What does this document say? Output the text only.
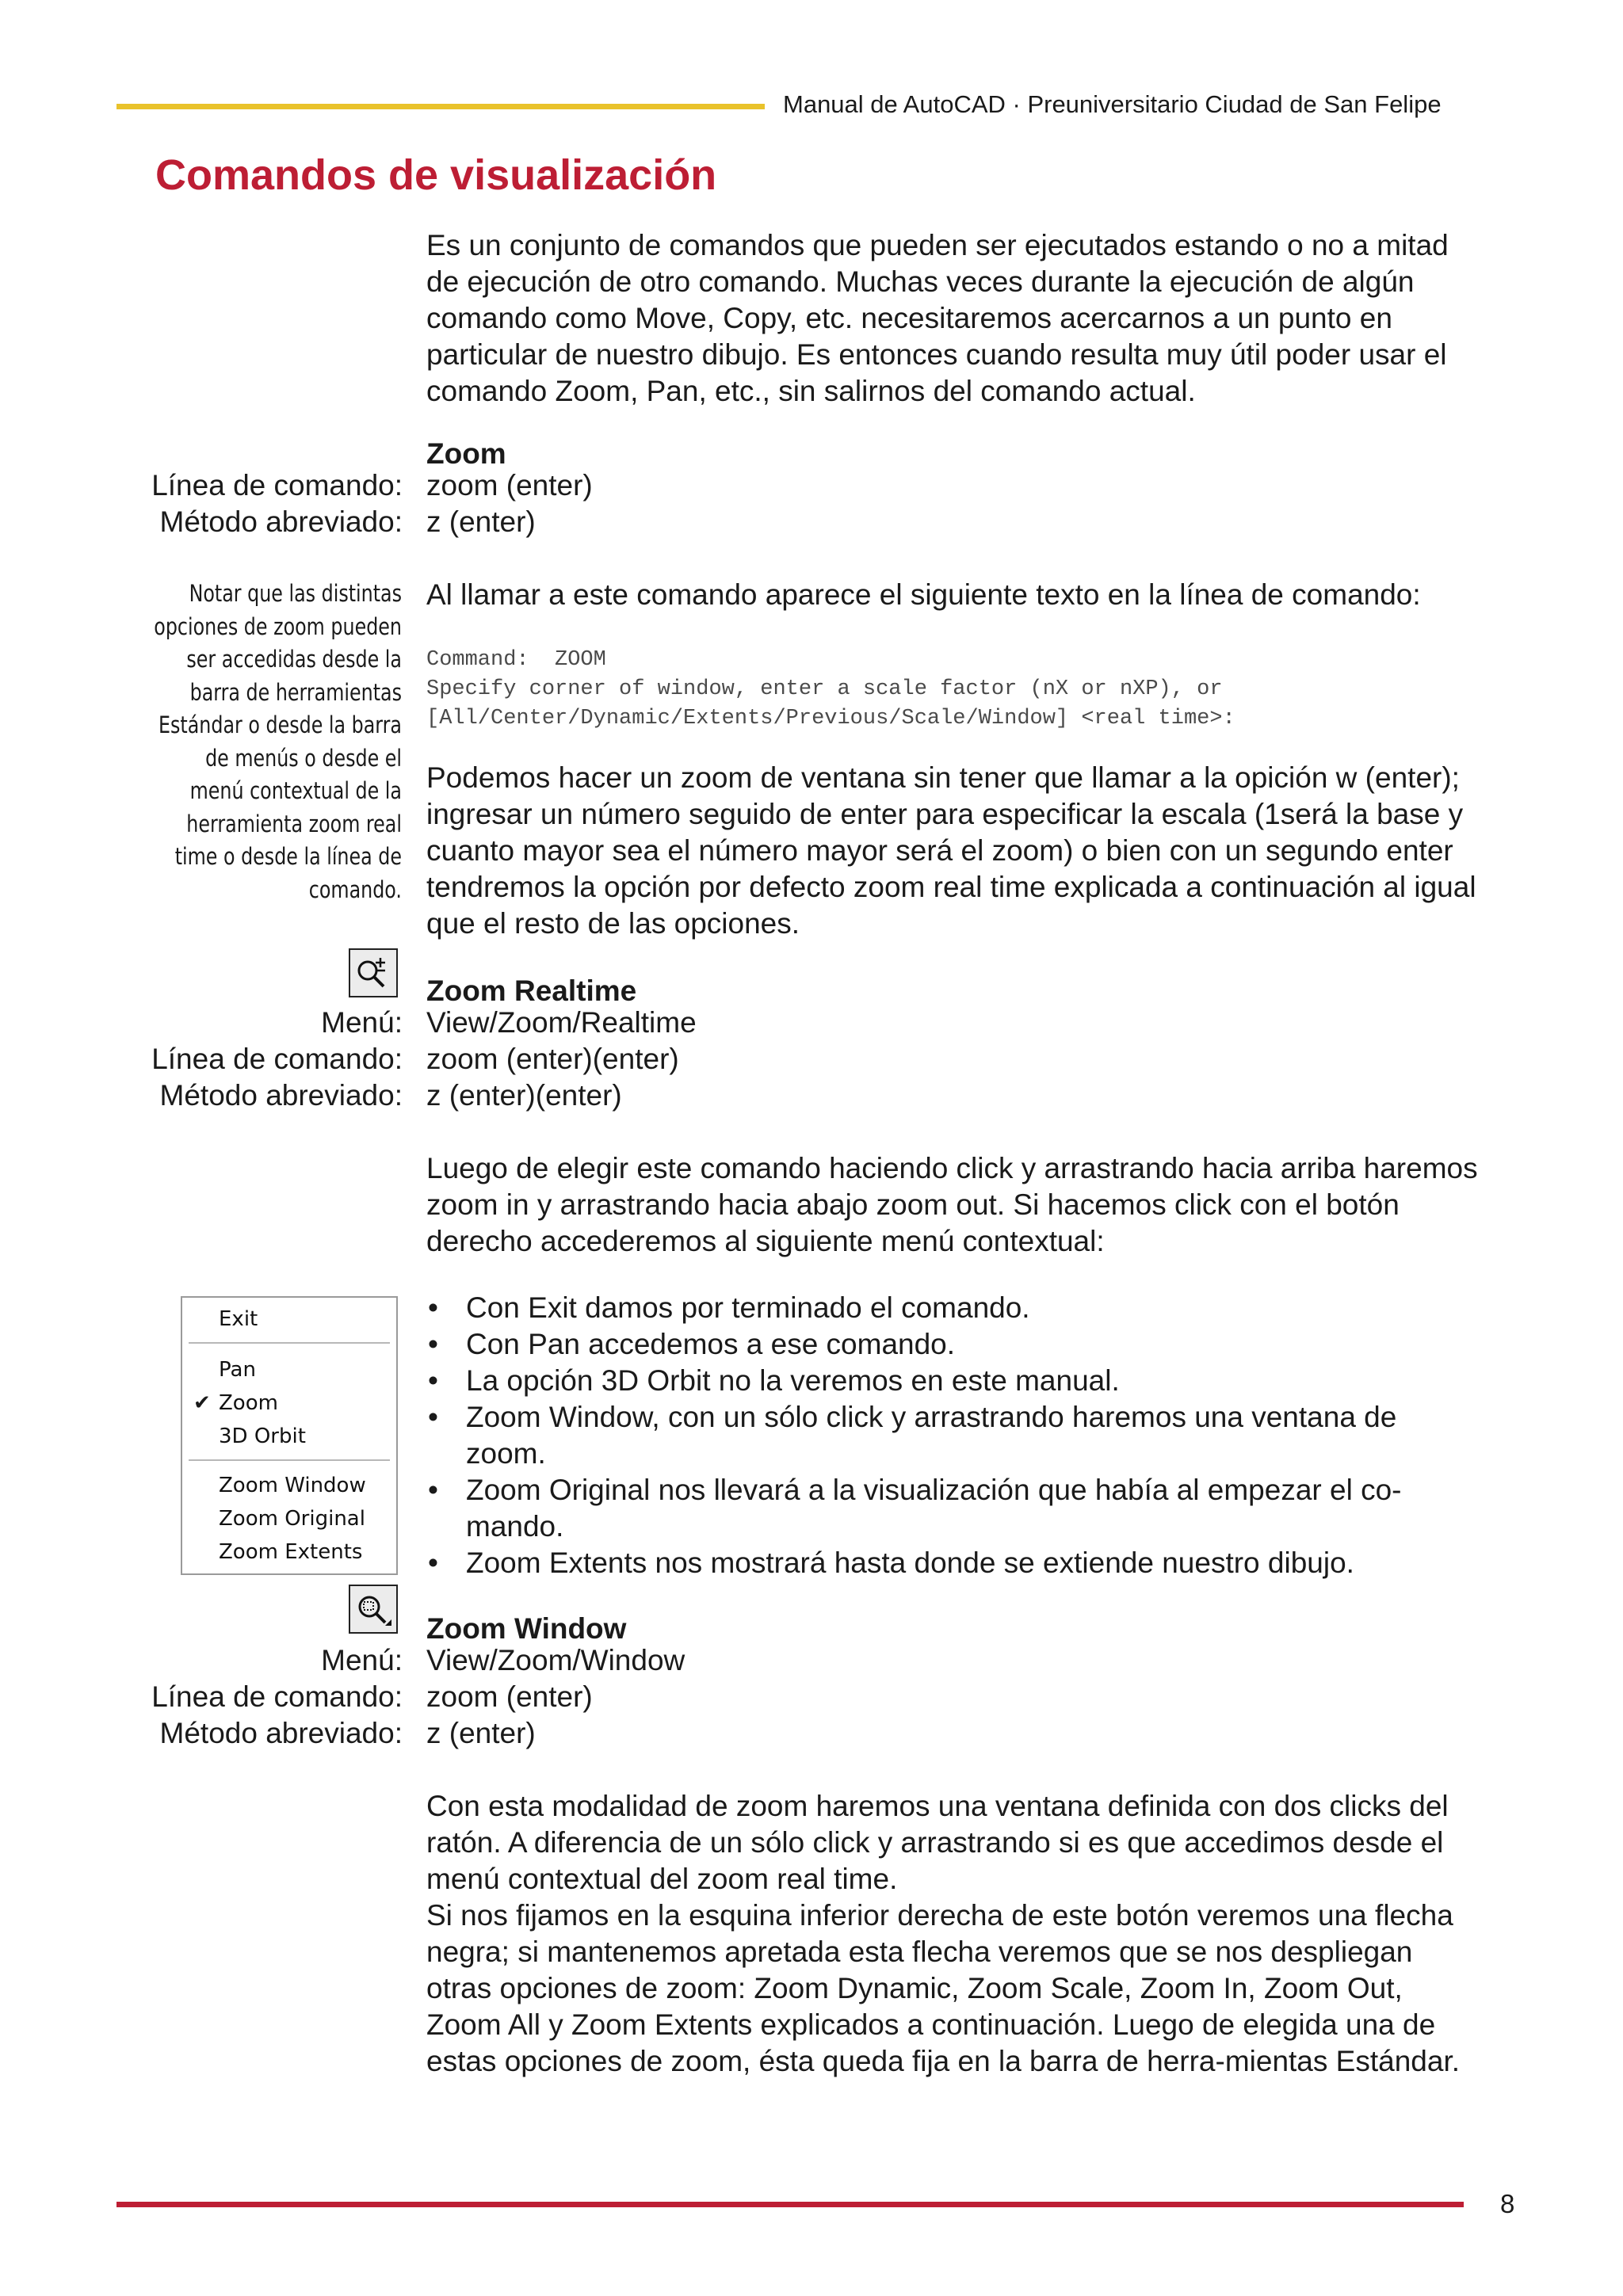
Manual de AutoCAD · Preuniversitario Ciudad de San Felipe
Comandos de visualización
Es un conjunto de comandos que pueden ser ejecutados estando o no a mitad de ejecución de otro comando. Muchas veces durante la ejecución de algún comando como Move, Copy, etc. necesitaremos acercarnos a un punto en particular de nuestro dibujo. Es entonces cuando resulta muy útil poder usar el comando Zoom, Pan, etc., sin salirnos del comando actual.
Zoom
Línea de comando: zoom (enter)
Método abreviado: z (enter)
Al llamar a este comando aparece el siguiente texto en la línea de comando:
Command:  ZOOM
Specify corner of window, enter a scale factor (nX or nXP), or
[All/Center/Dynamic/Extents/Previous/Scale/Window] <real time>:
Podemos hacer un zoom de ventana sin tener que llamar a la opición w (enter); ingresar un número seguido de enter para especificar la escala (1será la base y cuanto mayor sea el número mayor será el zoom) o bien con un segundo enter tendremos la opción por defecto zoom real time explicada a continuación al igual que el resto de las opciones.
Notar que las distintas opciones de zoom pueden ser accedidas desde la barra de herramientas Estándar o desde la barra de menús o desde el menú contextual de la herramienta zoom real time o desde la línea de comando.
Zoom Realtime
Menú: View/Zoom/Realtime
Línea de comando: zoom (enter)(enter)
Método abreviado: z (enter)(enter)
Luego de elegir este comando haciendo click y arrastrando hacia arriba haremos zoom in y arrastrando hacia abajo zoom out. Si hacemos click con el botón derecho accederemos al siguiente menú contextual:
Exit
Pan
✔ Zoom
3D Orbit
Zoom Window
Zoom Original
Zoom Extents
• Con Exit damos por terminado el comando.
• Con Pan accedemos a ese comando.
• La opción 3D Orbit no la veremos en este manual.
• Zoom Window, con un sólo click y arrastrando haremos una ventana de zoom.
• Zoom Original nos llevará a la visualización que había al empezar el co-mando.
• Zoom Extents nos mostrará hasta donde se extiende nuestro dibujo.
Zoom Window
Menú: View/Zoom/Window
Línea de comando: zoom (enter)
Método abreviado: z (enter)
Con esta modalidad de zoom haremos una ventana definida con dos clicks del ratón. A diferencia de un sólo click y arrastrando si es que accedimos desde el menú contextual del zoom real time.
Si nos fijamos en la esquina inferior derecha de este botón veremos una flecha negra; si mantenemos apretada esta flecha veremos que se nos despliegan otras opciones de zoom: Zoom Dynamic, Zoom Scale, Zoom In, Zoom Out, Zoom All y Zoom Extents explicados a continuación. Luego de elegida una de estas opciones de zoom, ésta queda fija en la barra de herra-mientas Estándar.
8
